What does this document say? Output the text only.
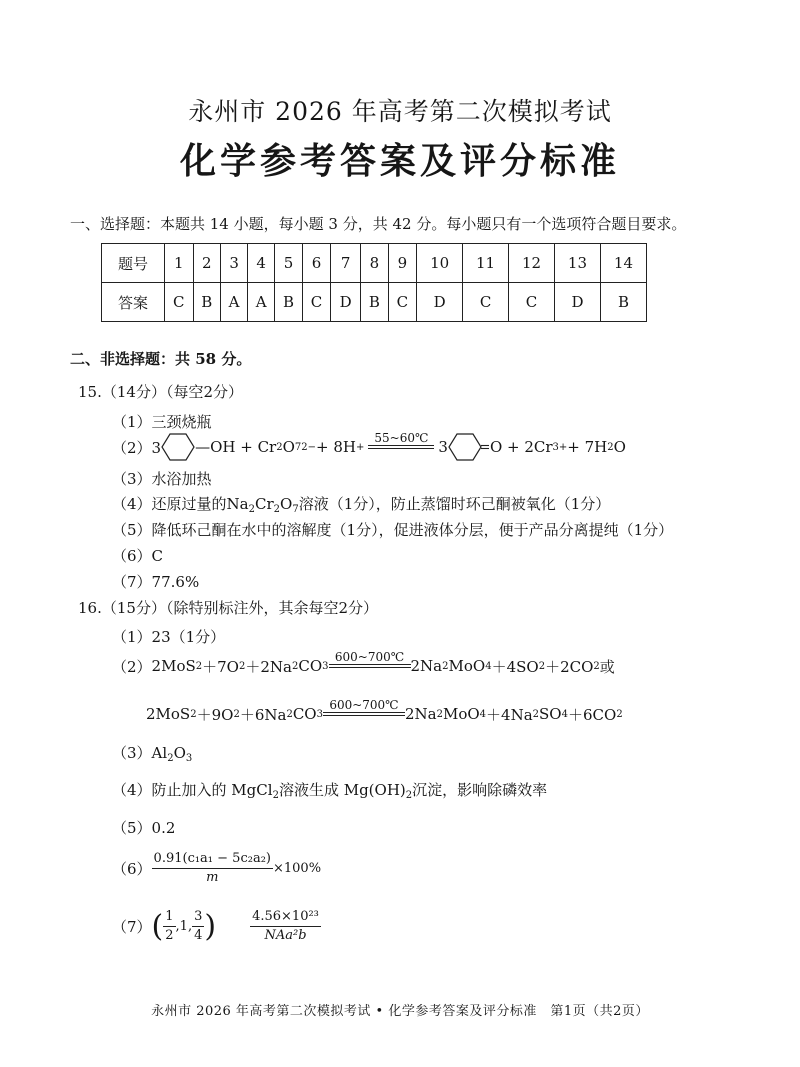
永州市 2026 年高考第二次模拟考试
化学参考答案及评分标准
一、选择题：本题共 14 小题，每小题 3 分，共 42 分。每小题只有一个选项符合题目要求。
题号	1	2	3	4	5	6	7	8	9	10	11	12	13	14
答案	C	B	A	A	B	C	D	B	C	D	C	C	D	B
二、非选择题：共 58 分。
15.（14分）（每空2分）
（1）三颈烧瓶
（2）3 —OH + Cr 2 O 7 2− + 8H +
55~60℃ 3	O + 2Cr 3+ + 7H 2 O
（3）水浴加热
（4）还原过量的$Na_2Cr_2O_7$溶液（1分），防止蒸馏时环己酮被氧化（1分）
（5）降低环己酮在水中的溶解度（1分），促进液体分层，便于产品分离提纯（1分）
（6）C
（7）77.6%
16.（15分）（除特别标注外，其余每空2分）
（1）23（1分）
（2） 2MoS 2 ＋7O 2 ＋2Na 2 CO 3
600~700℃ 2Na 2 MoO 4 ＋4SO 2 ＋2CO 2 或
2MoS 2 ＋9O 2 ＋6Na 2 CO 3
600~700℃ 2Na 2 MoO 4 ＋4Na 2 SO 4 ＋6CO 2
$(3)Al_2O_3$
（4）防止加入的 MgCl$_2$溶液生成 $Mg(OH)_2$沉淀，影响除磷效率
（5）0.2
$(6) \frac{\text{0.91(c₁a₁ − 5c₂a₂)}}{m} \times 100\%$
（7） ( $\frac{1}{2} ,1$, $\frac{3}{4}$ )	$\frac{\text{4.56×10²³}}{\text{NAa²b}}$
永州市 2026 年高考第二次模拟考试 • 化学参考答案及评分标准　第1页（共2页）
